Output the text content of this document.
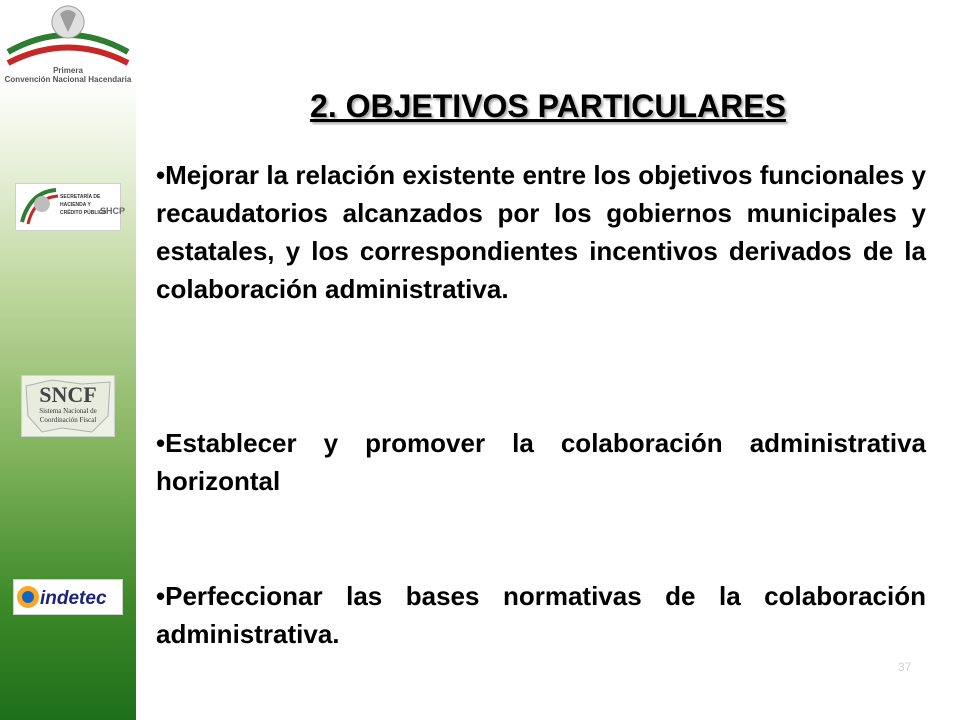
Primera
Convención Nacional Hacendaria
SECRETARÍA DE
HACIENDA Y
CRÉDITO PÚBLICO
SHCP
SNCF
Sistema Nacional de
Coordinación Fiscal
indetec
2. OBJETIVOS PARTICULARES
•Mejorar la relación existente entre los objetivos funcionales y recaudatorios alcanzados por los gobiernos municipales y estatales, y los correspondientes incentivos derivados de la colaboración administrativa.
•Establecer y promover la colaboración administrativa horizontal
•Perfeccionar las bases normativas de la colaboración administrativa.
37
